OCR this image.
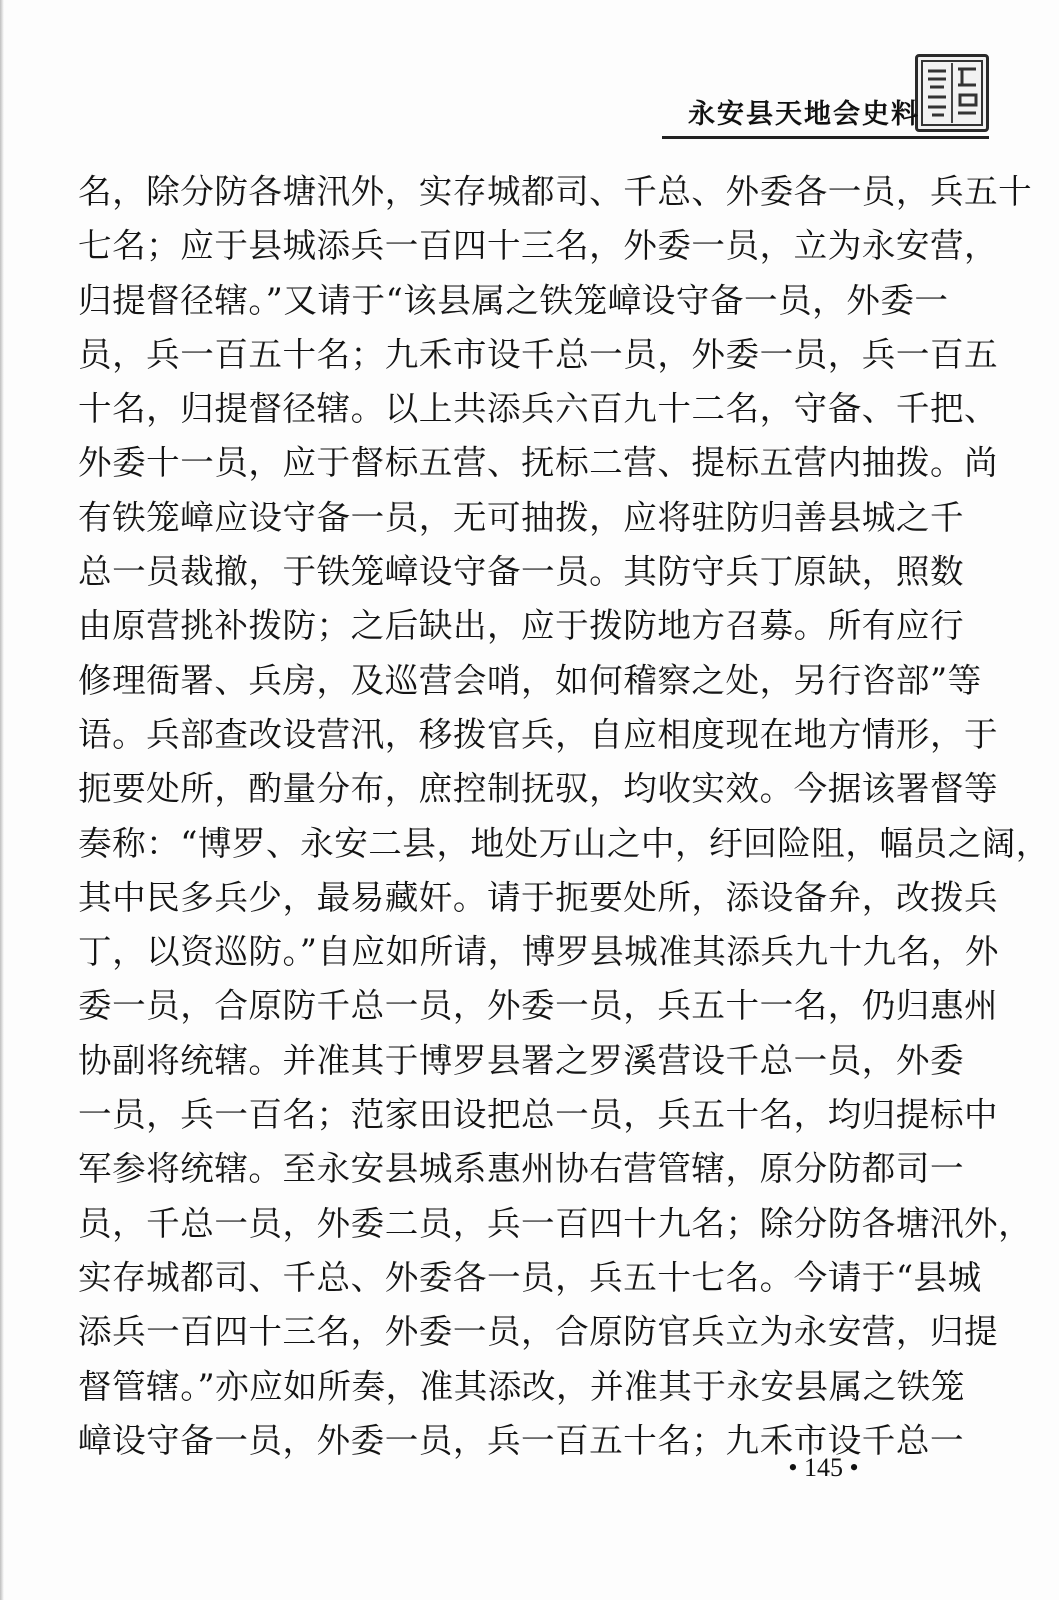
永安县天地会史料
名，除分防各塘汛外，实存城都司、千总、外委各一员，兵五十
七名；应于县城添兵一百四十三名，外委一员，立为永安营，
归提督径辖。”又请于“该县属之铁笼嶂设守备一员，外委一
员，兵一百五十名；九禾市设千总一员，外委一员，兵一百五
十名，归提督径辖。以上共添兵六百九十二名，守备、千把、
外委十一员，应于督标五营、抚标二营、提标五营内抽拨。尚
有铁笼嶂应设守备一员，无可抽拨，应将驻防归善县城之千
总一员裁撤，于铁笼嶂设守备一员。其防守兵丁原缺，照数
由原营挑补拨防；之后缺出，应于拨防地方召募。所有应行
修理衙署、兵房，及巡营会哨，如何稽察之处，另行咨部”等
语。兵部查改设营汛，移拨官兵，自应相度现在地方情形，于
扼要处所，酌量分布，庶控制抚驭，均收实效。今据该署督等
奏称：“博罗、永安二县，地处万山之中，纡回险阻，幅员之阔，
其中民多兵少，最易藏奸。请于扼要处所，添设备弁，改拨兵
丁，以资巡防。”自应如所请，博罗县城准其添兵九十九名，外
委一员，合原防千总一员，外委一员，兵五十一名，仍归惠州
协副将统辖。并准其于博罗县署之罗溪营设千总一员，外委
一员，兵一百名；范家田设把总一员，兵五十名，均归提标中
军参将统辖。至永安县城系惠州协右营管辖，原分防都司一
员，千总一员，外委二员，兵一百四十九名；除分防各塘汛外，
实存城都司、千总、外委各一员，兵五十七名。今请于“县城
添兵一百四十三名，外委一员，合原防官兵立为永安营，归提
督管辖。”亦应如所奏，准其添改，并准其于永安县属之铁笼
嶂设守备一员，外委一员，兵一百五十名；九禾市设千总一
• 145 •
